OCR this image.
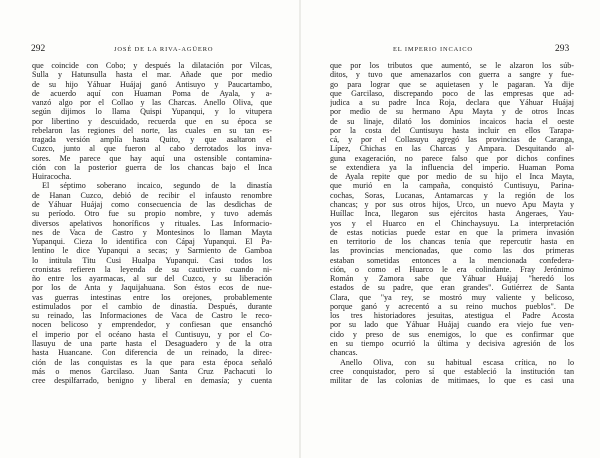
292	JOSÉ DE LA RIVA-AGÜERO
que coincide con Cobo; y después la dilatación por Vilcas,
Sulla y Hatunsulla hasta el mar. Añade que por medio
de su hijo Yáhuar Huájaj ganó Antisuyo y Paucartambo,
de acuerdo aquí con Huaman Poma de Ayala, y a-
vanzó algo por el Collao y las Charcas. Anello Oliva, que
según dijimos lo llama Quispi Yupanqui, y lo vitupera
por libertino y descuidado, recuerda que en su época se
rebelaron las regiones del norte, las cuales en su tan es-
tragada versión amplía hasta Quito, y que asaltaron el
Cuzco, junto al que fueron al cabo derrotados los inva-
sores. Me parece que hay aquí una ostensible contamina-
ción con la posterior guerra de los chancas bajo el Inca
Huiracocha.
El séptimo soberano incaico, segundo de la dinastía
de Hanan Cuzco, debió de recibir el infausto renombre
de Yáhuar Huájaj como consecuencia de las desdichas de
su período. Otro fue su propio nombre, y tuvo además
diversos apelativos honoríficos y rituales. Las Informacio-
nes de Vaca de Castro y Montesinos lo llaman Mayta
Yupanqui. Cieza lo identifica con Cápaj Yupanqui. El Pa-
lentino le dice Yupanqui a secas; y Sarmiento de Gamboa
lo intitula Titu Cusi Hualpa Yupanqui. Casi todos los
cronistas refieren la leyenda de su cautiverio cuando ni-
ño entre los ayarmacas, al sur del Cuzco, y su liberación
por los de Anta y Jaquijahuana. Son éstos ecos de nue-
vas guerras intestinas entre los orejones, probablemente
estimulados por el cambio de dinastía. Después, durante
su reinado, las Informaciones de Vaca de Castro le reco-
nocen belicoso y emprendedor, y confiesan que ensanchó
el imperio por el océano hasta el Cuntisuyu, y por el Co-
llasuyu de una parte hasta el Desaguadero y de la otra
hasta Huancane. Con diferencia de un reinado, la direc-
ción de las conquistas es la que para esta época señaló
más o menos Garcilaso. Juan Santa Cruz Pachacuti lo
cree despilfarrado, benigno y liberal en demasía; y cuenta
EL IMPERIO INCAICO	293
que por los tributos que aumentó, se le alzaron los súb-
ditos, y tuvo que amenazarlos con guerra a sangre y fue-
go para lograr que se aquietasen y le pagaran. Ya dije
que Garcilaso, discrepando poco de las empresas que ad-
judica a su padre Inca Roja, declara que Yáhuar Huájaj
por medio de su hermano Apu Mayta y de otros Incas
de su linaje, dilató los dominios incaicos hacia el oeste
por la costa del Cuntisuyu hasta incluir en ellos Tarapa-
cá, y por el Collasuyu agregó las provincias de Caranga,
Lípez, Chichas en las Charcas y Ampara. Desquitando al-
guna exageración, no parece falso que por dichos confines
se extendiera ya la influencia del imperio. Huaman Poma
de Ayala repite que por medio de su hijo el Inca Mayta,
que murió en la campaña, conquistó Cuntisuyu, Parina-
cochas, Soras, Lucanas, Antamarcas y la región de los
chancas; y por sus otros hijos, Urco, un nuevo Apu Mayta y
Huíllac Inca, llegaron sus ejércitos hasta Angeraes, Yau-
yos y el Huarco en el Chinchaysuyu. La interpretación
de estas noticias puede estar en que la primera invasión
en territorio de los chancas tenía que repercutir hasta en
las provincias mencionadas, que como las dos primeras
estaban sometidas entonces a la mencionada confedera-
ción, o como el Huarco le era colindante. Fray Jerónimo
Román y Zamora sabe que Yáhuar Huájaj "heredó los
estados de su padre, que eran grandes". Gutiérrez de Santa
Clara, que "ya rey, se mostró muy valiente y belicoso,
porque ganó y acrecentó a su reino muchos pueblos". De
los tres historiadores jesuitas, atestigua el Padre Acosta
por su lado que Yáhuar Huájaj cuando era viejo fue ven-
cido y preso de sus enemigos, lo que es confirmar que
en su tiempo ocurrió la última y decisiva agresión de los
chancas.
Anello Oliva, con su habitual escasa crítica, no lo
cree conquistador, pero sí que estableció la institución tan
militar de las colonias de mitimaes, lo que es casi una
